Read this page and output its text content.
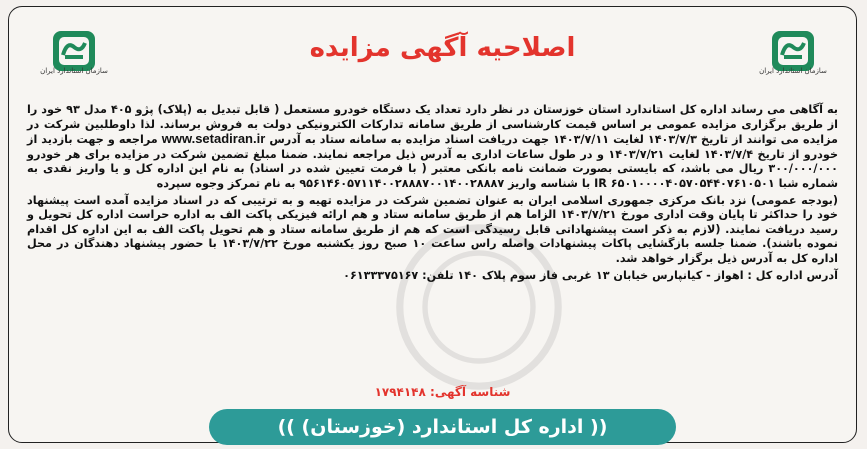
سازمان استاندارد ایران	سازمان استاندارد ایران
اصلاحیه آگهی مزایده

به آگاهی می رساند اداره کل استاندارد استان خوزستان در نظر دارد تعداد یک دستگاه خودرو مستعمل ( قابل تبدیل به (پلاک) پژو ۴۰۵ مدل ۹۳ خود را از طریق برگزاری مزایده عمومی بر اساس قیمت کارشناسی از طریق سامانه تدارکات الکترونیکی دولت به فروش برساند. لذا داوطلبین شرکت در مزایده می توانند از تاریخ ۱۴۰۳/۷/۳ لغایت ۱۴۰۳/۷/۱۱ جهت دریافت اسناد مزایده به سامانه ستاد به آدرس www.setadiran.ir مراجعه و جهت بازدید از خودرو از تاریخ ۱۴۰۳/۷/۴ لغایت ۱۴۰۳/۷/۲۱ و در طول ساعات اداری به آدرس ذیل مراجعه نمایند. ضمنا مبلغ تضمین شرکت در مزایده برای هر خودرو ۳۰۰/۰۰۰/۰۰۰ ریال می باشد، که بایستی بصورت ضمانت نامه بانکی معتبر ( با فرمت تعیین شده در اسناد) به نام این اداره کل و یا واریز نقدی به شماره شبا IR ۶۵۰۱۰۰۰۰۴۰۵۷۰۵۴۴۰۷۶۱۰۵۰۱ با شناسه واریز ۹۵۶۱۴۶۰۵۷۱۱۴۰۰۲۸۸۸۷۰۰۱۴۰۰۲۸۸۸۷ به نام تمرکز وجوه سپرده

(بودجه عمومی) نزد بانک مرکزی جمهوری اسلامی ایران به عنوان تضمین شرکت در مزایده تهیه و به ترتیبی که در اسناد مزایده آمده است پیشنهاد خود را حداکثر تا پایان وقت اداری مورخ ۱۴۰۳/۷/۲۱ الزاما هم از طریق سامانه ستاد و هم ارائه فیزیکی پاکت الف به اداره حراست اداره کل تحویل و رسید دریافت نمایند. (لازم به ذکر است پیشنهاداتی قابل رسیدگی است که هم از طریق سامانه ستاد و هم تحویل پاکت الف به این اداره کل اقدام نموده باشند). ضمنا جلسه بازگشایی پاکات پیشنهادات واصله راس ساعت ۱۰ صبح روز یکشنبه مورخ ۱۴۰۳/۷/۲۲ با حضور پیشنهاد دهندگان در محل اداره کل به آدرس ذیل برگزار خواهد شد.

آدرس اداره کل : اهواز - کیانپارس خیابان ۱۳ غربی فاز سوم پلاک ۱۴۰ تلفن: ۰۶۱۳۳۳۷۵۱۶۷

شناسه آگهی: ۱۷۹۴۱۴۸
(( اداره کل استاندارد (خوزستان) ))
